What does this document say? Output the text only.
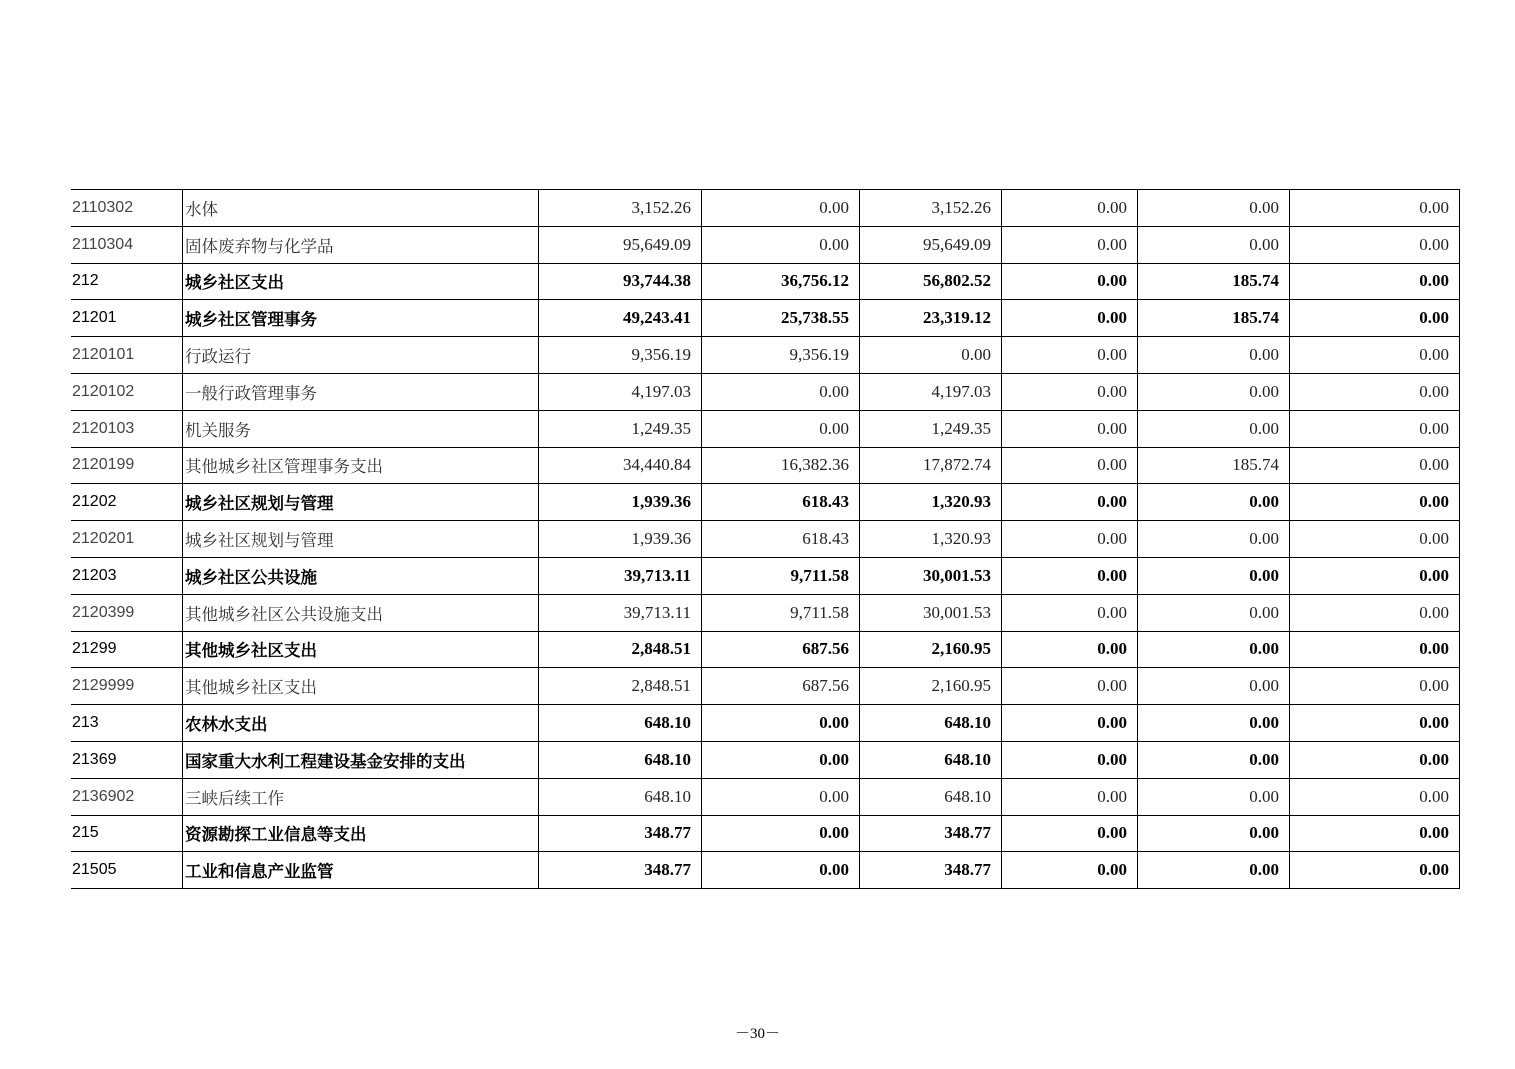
2110302	水体	3,152.26	0.00	3,152.26	0.00	0.00	0.00
2110304	固体废弃物与化学品	95,649.09	0.00	95,649.09	0.00	0.00	0.00
212	城乡社区支出	93,744.38	36,756.12	56,802.52	0.00	185.74	0.00
21201	城乡社区管理事务	49,243.41	25,738.55	23,319.12	0.00	185.74	0.00
2120101	行政运行	9,356.19	9,356.19	0.00	0.00	0.00	0.00
2120102	一般行政管理事务	4,197.03	0.00	4,197.03	0.00	0.00	0.00
2120103	机关服务	1,249.35	0.00	1,249.35	0.00	0.00	0.00
2120199	其他城乡社区管理事务支出	34,440.84	16,382.36	17,872.74	0.00	185.74	0.00
21202	城乡社区规划与管理	1,939.36	618.43	1,320.93	0.00	0.00	0.00
2120201	城乡社区规划与管理	1,939.36	618.43	1,320.93	0.00	0.00	0.00
21203	城乡社区公共设施	39,713.11	9,711.58	30,001.53	0.00	0.00	0.00
2120399	其他城乡社区公共设施支出	39,713.11	9,711.58	30,001.53	0.00	0.00	0.00
21299	其他城乡社区支出	2,848.51	687.56	2,160.95	0.00	0.00	0.00
2129999	其他城乡社区支出	2,848.51	687.56	2,160.95	0.00	0.00	0.00
213	农林水支出	648.10	0.00	648.10	0.00	0.00	0.00
21369	国家重大水利工程建设基金安排的支出	648.10	0.00	648.10	0.00	0.00	0.00
2136902	三峡后续工作	648.10	0.00	648.10	0.00	0.00	0.00
215	资源勘探工业信息等支出	348.77	0.00	348.77	0.00	0.00	0.00
21505	工业和信息产业监管	348.77	0.00	348.77	0.00	0.00	0.00
－30－
